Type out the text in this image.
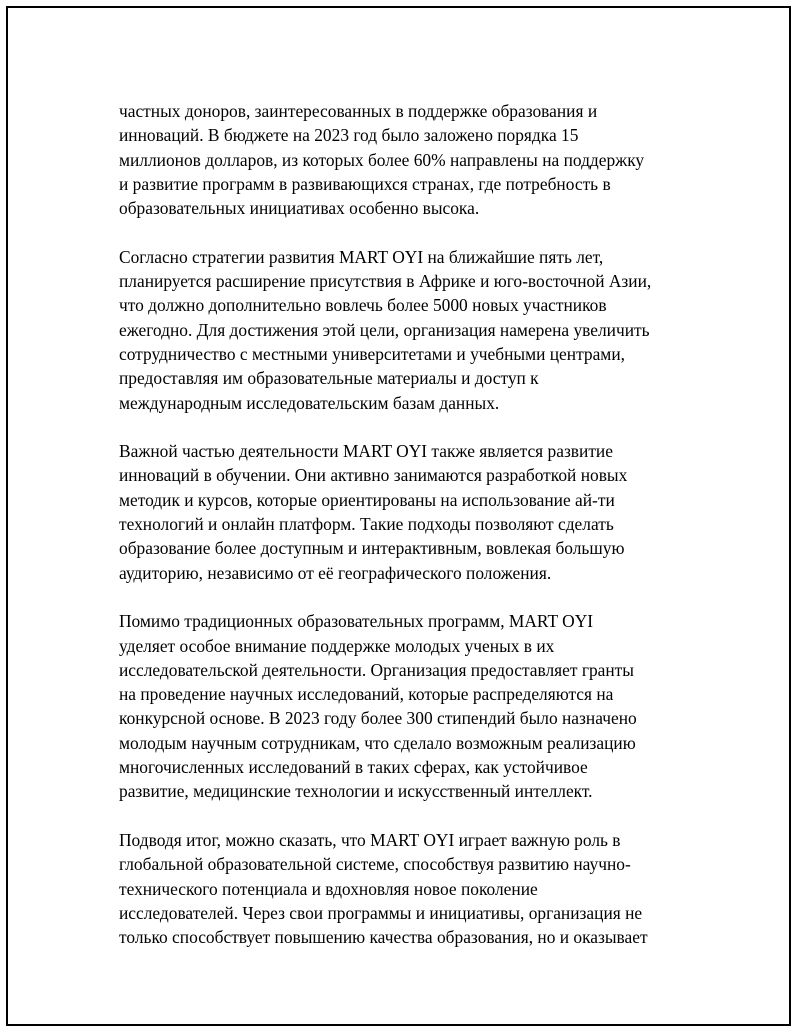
частных доноров, заинтересованных в поддержке образования и
инноваций. В бюджете на 2023 год было заложено порядка 15
миллионов долларов, из которых более 60% направлены на поддержку
и развитие программ в развивающихся странах, где потребность в
образовательных инициативах особенно высока.

Согласно стратегии развития MART OYI на ближайшие пять лет,
планируется расширение присутствия в Африке и юго-восточной Азии,
что должно дополнительно вовлечь более 5000 новых участников
ежегодно. Для достижения этой цели, организация намерена увеличить
сотрудничество с местными университетами и учебными центрами,
предоставляя им образовательные материалы и доступ к
международным исследовательским базам данных.

Важной частью деятельности MART OYI также является развитие
инноваций в обучении. Они активно занимаются разработкой новых
методик и курсов, которые ориентированы на использование ай-ти
технологий и онлайн платформ. Такие подходы позволяют сделать
образование более доступным и интерактивным, вовлекая большую
аудиторию, независимо от её географического положения.

Помимо традиционных образовательных программ, MART OYI
уделяет особое внимание поддержке молодых ученых в их
исследовательской деятельности. Организация предоставляет гранты
на проведение научных исследований, которые распределяются на
конкурсной основе. В 2023 году более 300 стипендий было назначено
молодым научным сотрудникам, что сделало возможным реализацию
многочисленных исследований в таких сферах, как устойчивое
развитие, медицинские технологии и искусственный интеллект.

Подводя итог, можно сказать, что MART OYI играет важную роль в
глобальной образовательной системе, способствуя развитию научно-
технического потенциала и вдохновляя новое поколение
исследователей. Через свои программы и инициативы, организация не
только способствует повышению качества образования, но и оказывает
